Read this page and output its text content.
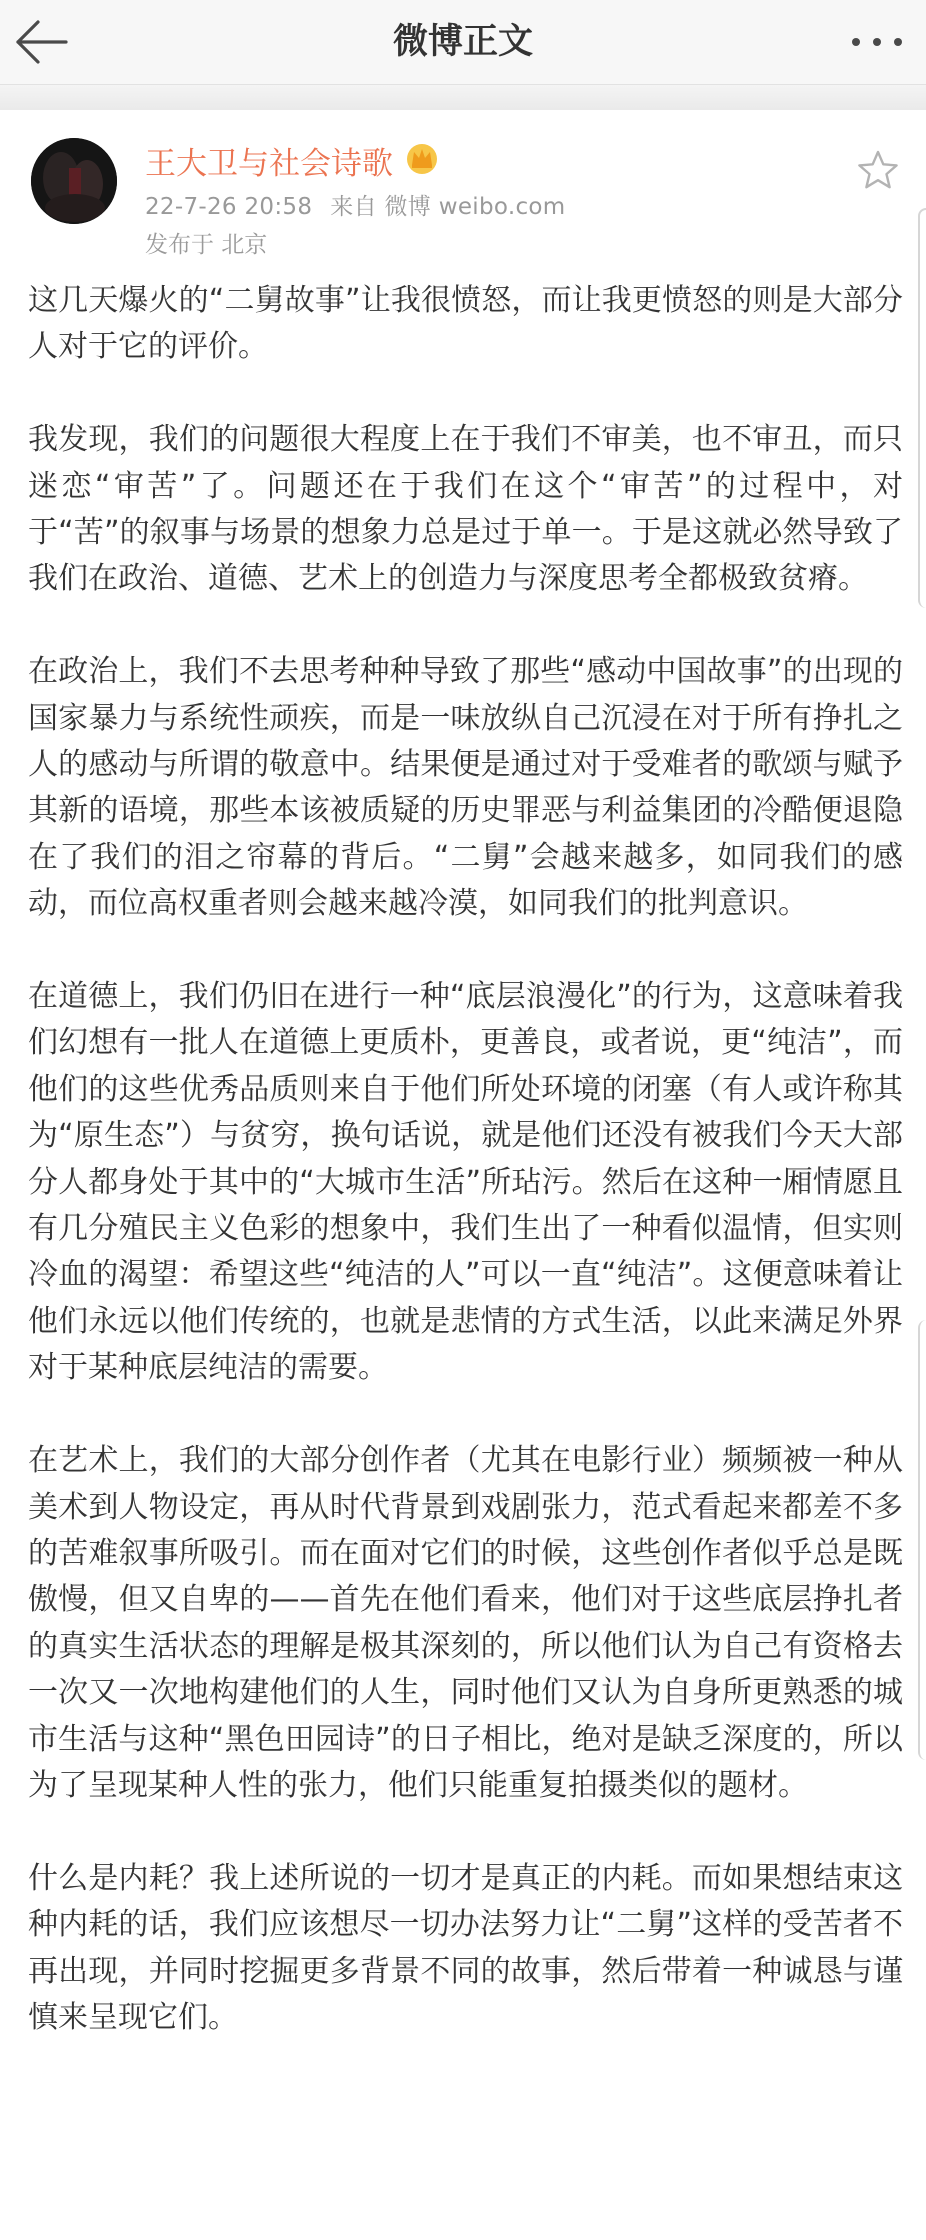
微博正文
王大卫与社会诗歌
22-7-26 20:58 来自 微博 weibo.com
发布于 北京

这几天爆火的“二舅故事”让我很愤怒，而让我更愤怒的则是大部分人对于它的评价。

我发现，我们的问题很大程度上在于我们不审美，也不审丑，而只迷恋“审苦”了。问题还在于我们在这个“审苦”的过程中，对于“苦”的叙事与场景的想象力总是过于单一。于是这就必然导致了我们在政治、道德、艺术上的创造力与深度思考全都极致贫瘠。

在政治上，我们不去思考种种导致了那些“感动中国故事”的出现的国家暴力与系统性顽疾，而是一味放纵自己沉浸在对于所有挣扎之人的感动与所谓的敬意中。结果便是通过对于受难者的歌颂与赋予其新的语境，那些本该被质疑的历史罪恶与利益集团的冷酷便退隐在了我们的泪之帘幕的背后。“二舅”会越来越多，如同我们的感动，而位高权重者则会越来越冷漠，如同我们的批判意识。

在道德上，我们仍旧在进行一种“底层浪漫化”的行为，这意味着我们幻想有一批人在道德上更质朴，更善良，或者说，更“纯洁”，而他们的这些优秀品质则来自于他们所处环境的闭塞（有人或许称其为“原生态”）与贫穷，换句话说，就是他们还没有被我们今天大部分人都身处于其中的“大城市生活”所玷污。然后在这种一厢情愿且有几分殖民主义色彩的想象中，我们生出了一种看似温情，但实则冷血的渴望：希望这些“纯洁的人”可以一直“纯洁”。这便意味着让他们永远以他们传统的，也就是悲情的方式生活，以此来满足外界对于某种底层纯洁的需要。

在艺术上，我们的大部分创作者（尤其在电影行业）频频被一种从美术到人物设定，再从时代背景到戏剧张力，范式看起来都差不多的苦难叙事所吸引。而在面对它们的时候，这些创作者似乎总是既傲慢，但又自卑的——首先在他们看来，他们对于这些底层挣扎者的真实生活状态的理解是极其深刻的，所以他们认为自己有资格去一次又一次地构建他们的人生，同时他们又认为自身所更熟悉的城市生活与这种“黑色田园诗”的日子相比，绝对是缺乏深度的，所以为了呈现某种人性的张力，他们只能重复拍摄类似的题材。

什么是内耗？我上述所说的一切才是真正的内耗。而如果想结束这种内耗的话，我们应该想尽一切办法努力让“二舅”这样的受苦者不再出现，并同时挖掘更多背景不同的故事，然后带着一种诚恳与谨慎来呈现它们。
